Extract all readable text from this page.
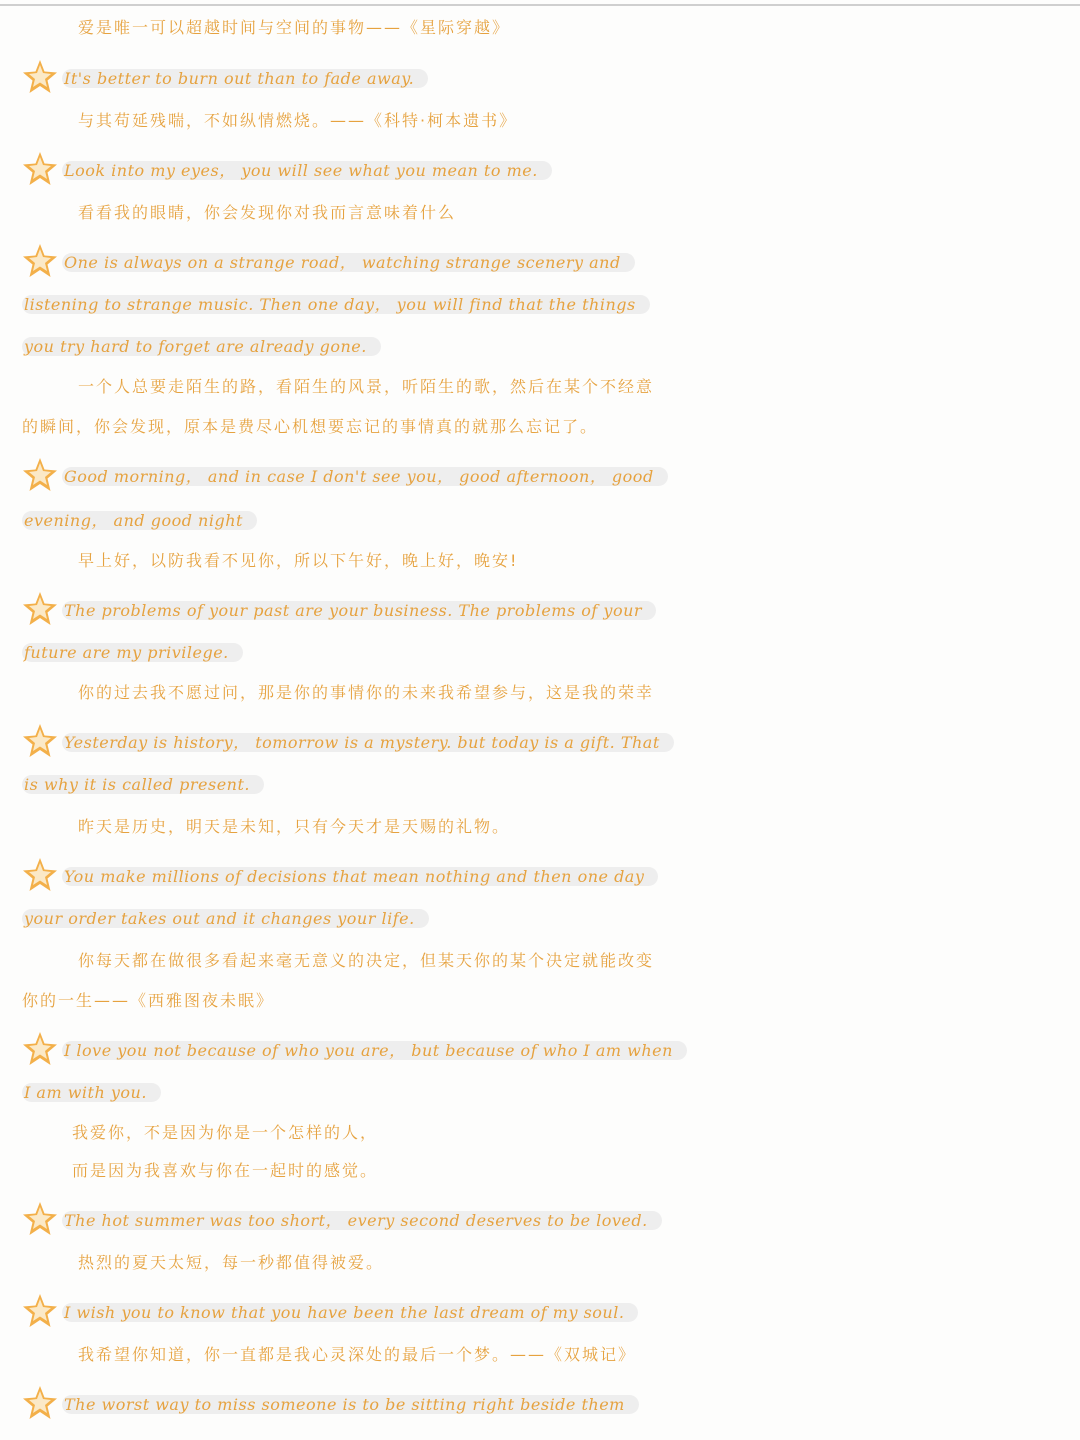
爱是唯一可以超越时间与空间的事物——《星际穿越》
It's better to burn out than to fade away.
与其苟延残喘，不如纵情燃烧。——《科特·柯本遗书》
Look into my eyes， you will see what you mean to me.
看看我的眼睛，你会发现你对我而言意味着什么
One is always on a strange road， watching strange scenery and
listening to strange music. Then one day， you will find that the things
you try hard to forget are already gone.
一个人总要走陌生的路，看陌生的风景，听陌生的歌，然后在某个不经意
的瞬间，你会发现，原本是费尽心机想要忘记的事情真的就那么忘记了。
Good morning， and in case I don't see you， good afternoon， good
evening， and good night
早上好，以防我看不见你，所以下午好，晚上好，晚安!
The problems of your past are your business. The problems of your
future are my privilege.
你的过去我不愿过问，那是你的事情你的未来我希望参与，这是我的荣幸
Yesterday is history， tomorrow is a mystery. but today is a gift. That
is why it is called present.
昨天是历史，明天是未知，只有今天才是天赐的礼物。
You make millions of decisions that mean nothing and then one day
your order takes out and it changes your life.
你每天都在做很多看起来毫无意义的决定，但某天你的某个决定就能改变
你的一生——《西雅图夜未眠》
I love you not because of who you are， but because of who I am when
I am with you.
我爱你，不是因为你是一个怎样的人，
而是因为我喜欢与你在一起时的感觉。
The hot summer was too short， every second deserves to be loved.
热烈的夏天太短，每一秒都值得被爱。
I wish you to know that you have been the last dream of my soul.
我希望你知道，你一直都是我心灵深处的最后一个梦。——《双城记》
The worst way to miss someone is to be sitting right beside them
